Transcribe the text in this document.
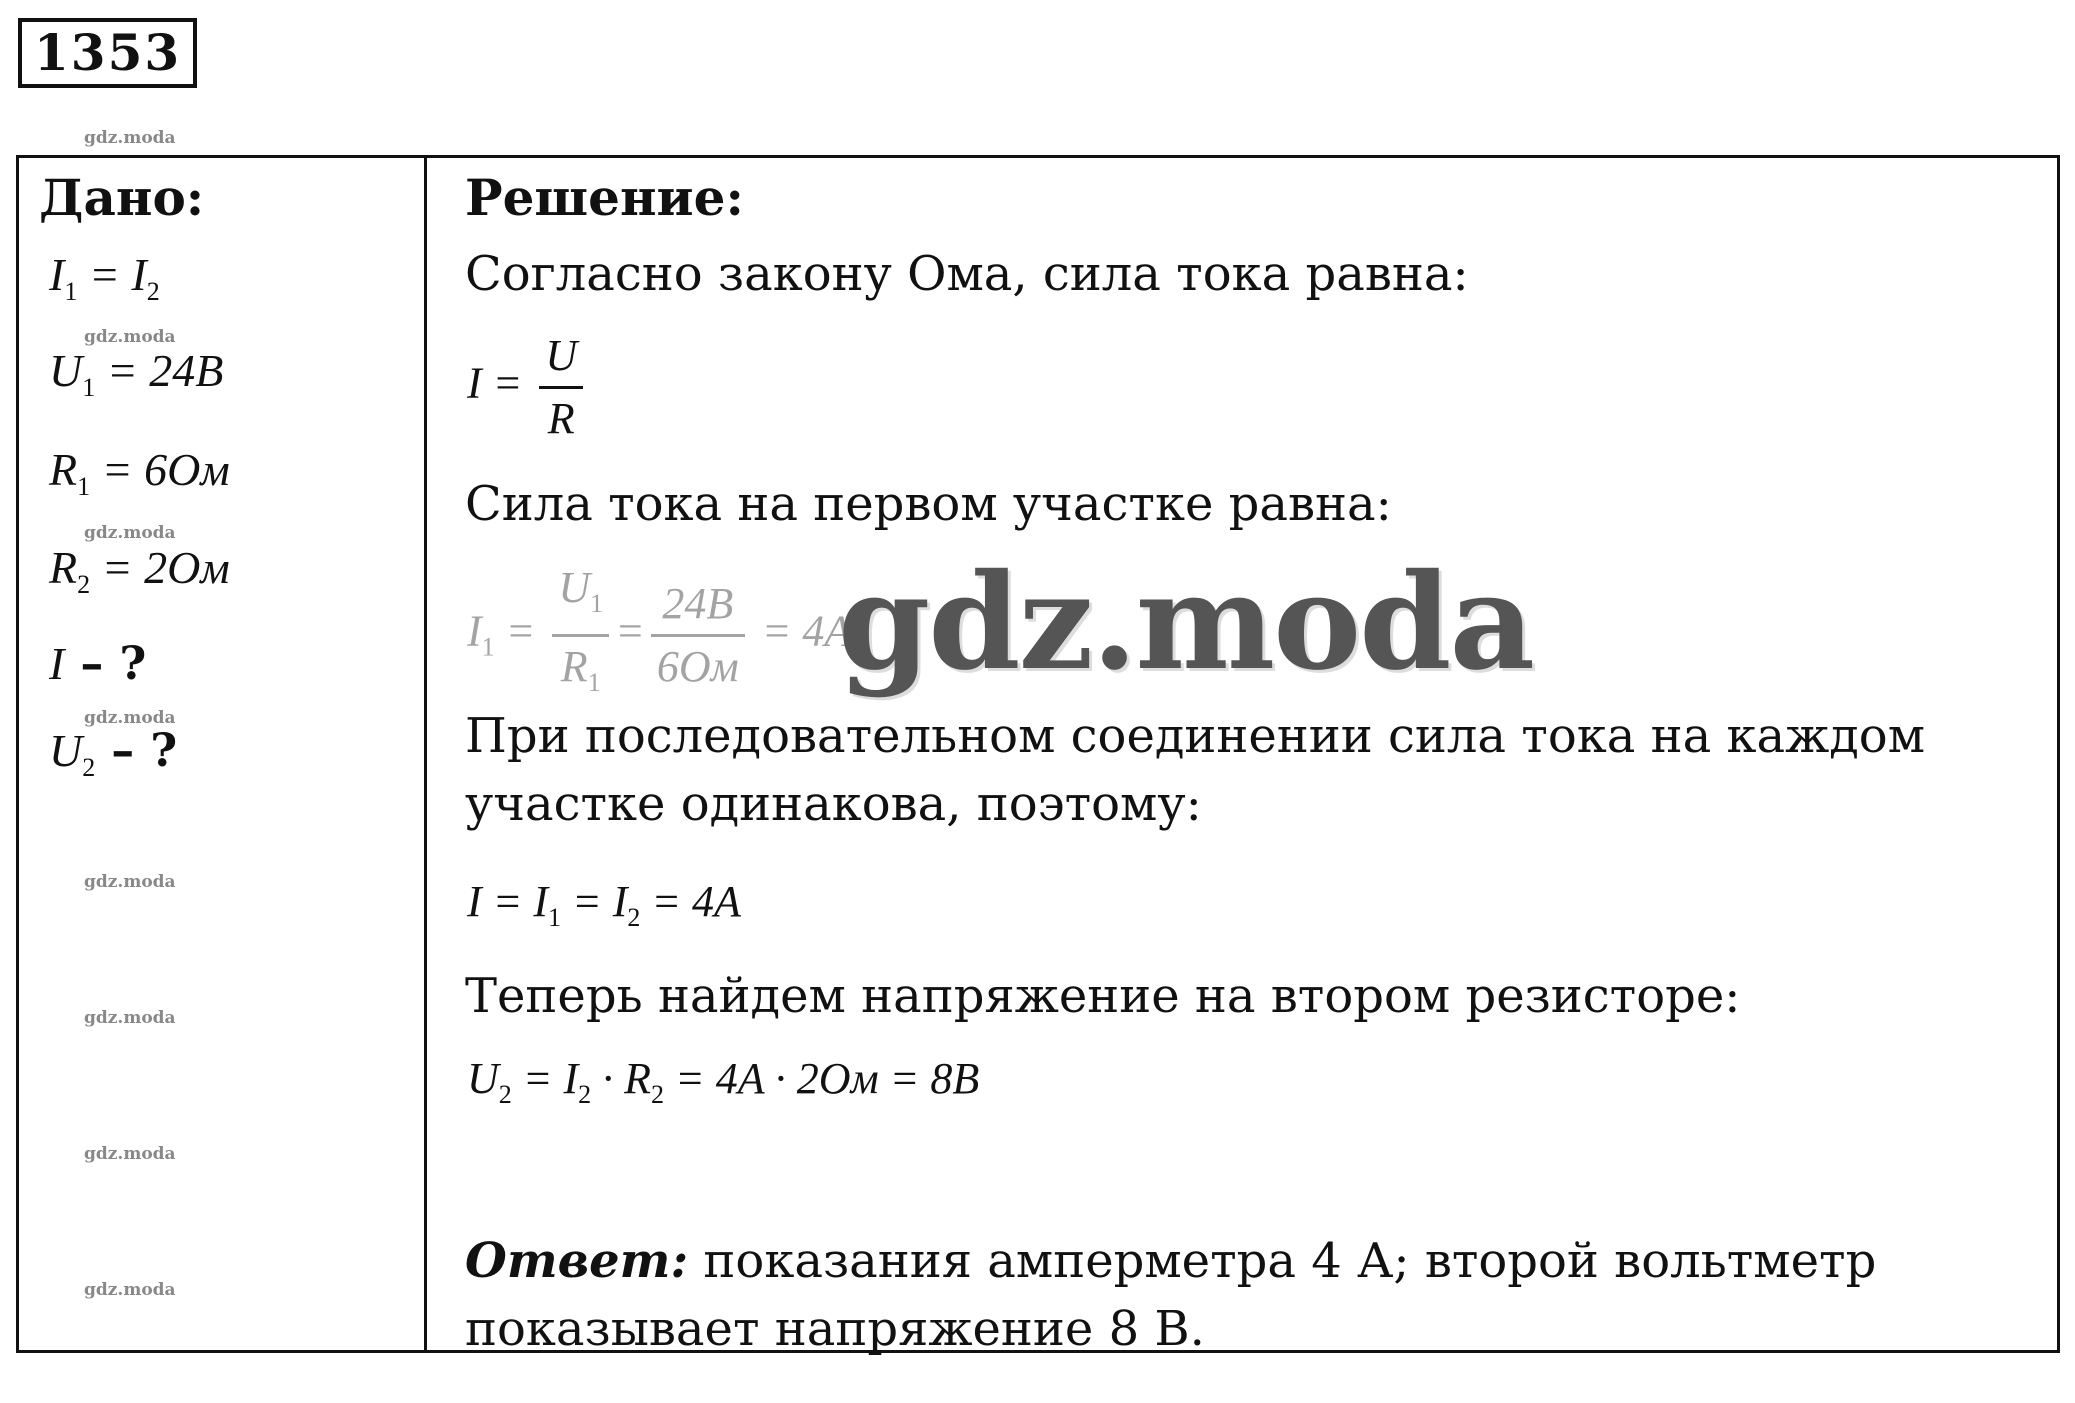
1353
gdz.moda
Дано:
$I_1 = I_2$
$U_1 = 24B$
$R_1 = 6Ом$
$R_2 = 2Ом$
I – ?
$U_2$ – ?
Решение:
Согласно закону Ома, сила тока равна:
$I = \frac{U}{R}$
Сила тока на первом участке равна:
$I_1 = \frac{U_1}{R_1} = \frac{24B}{6Ом} = 4A$
При последовательном соединении сила тока на каждом
участке одинакова, поэтому:
$I = I_1 = I_2 = 4A$
Теперь найдем напряжение на втором резисторе:
$U_2 = I_2 \cdot R_2 = 4A \cdot 2Ом = 8B$
Ответ: показания амперметра 4 А; второй вольтметр
показывает напряжение 8 В.
gdz.moda
gdz.moda
gdz.moda
gdz.moda
gdz.moda
gdz.moda
gdz.moda
gdz.moda
